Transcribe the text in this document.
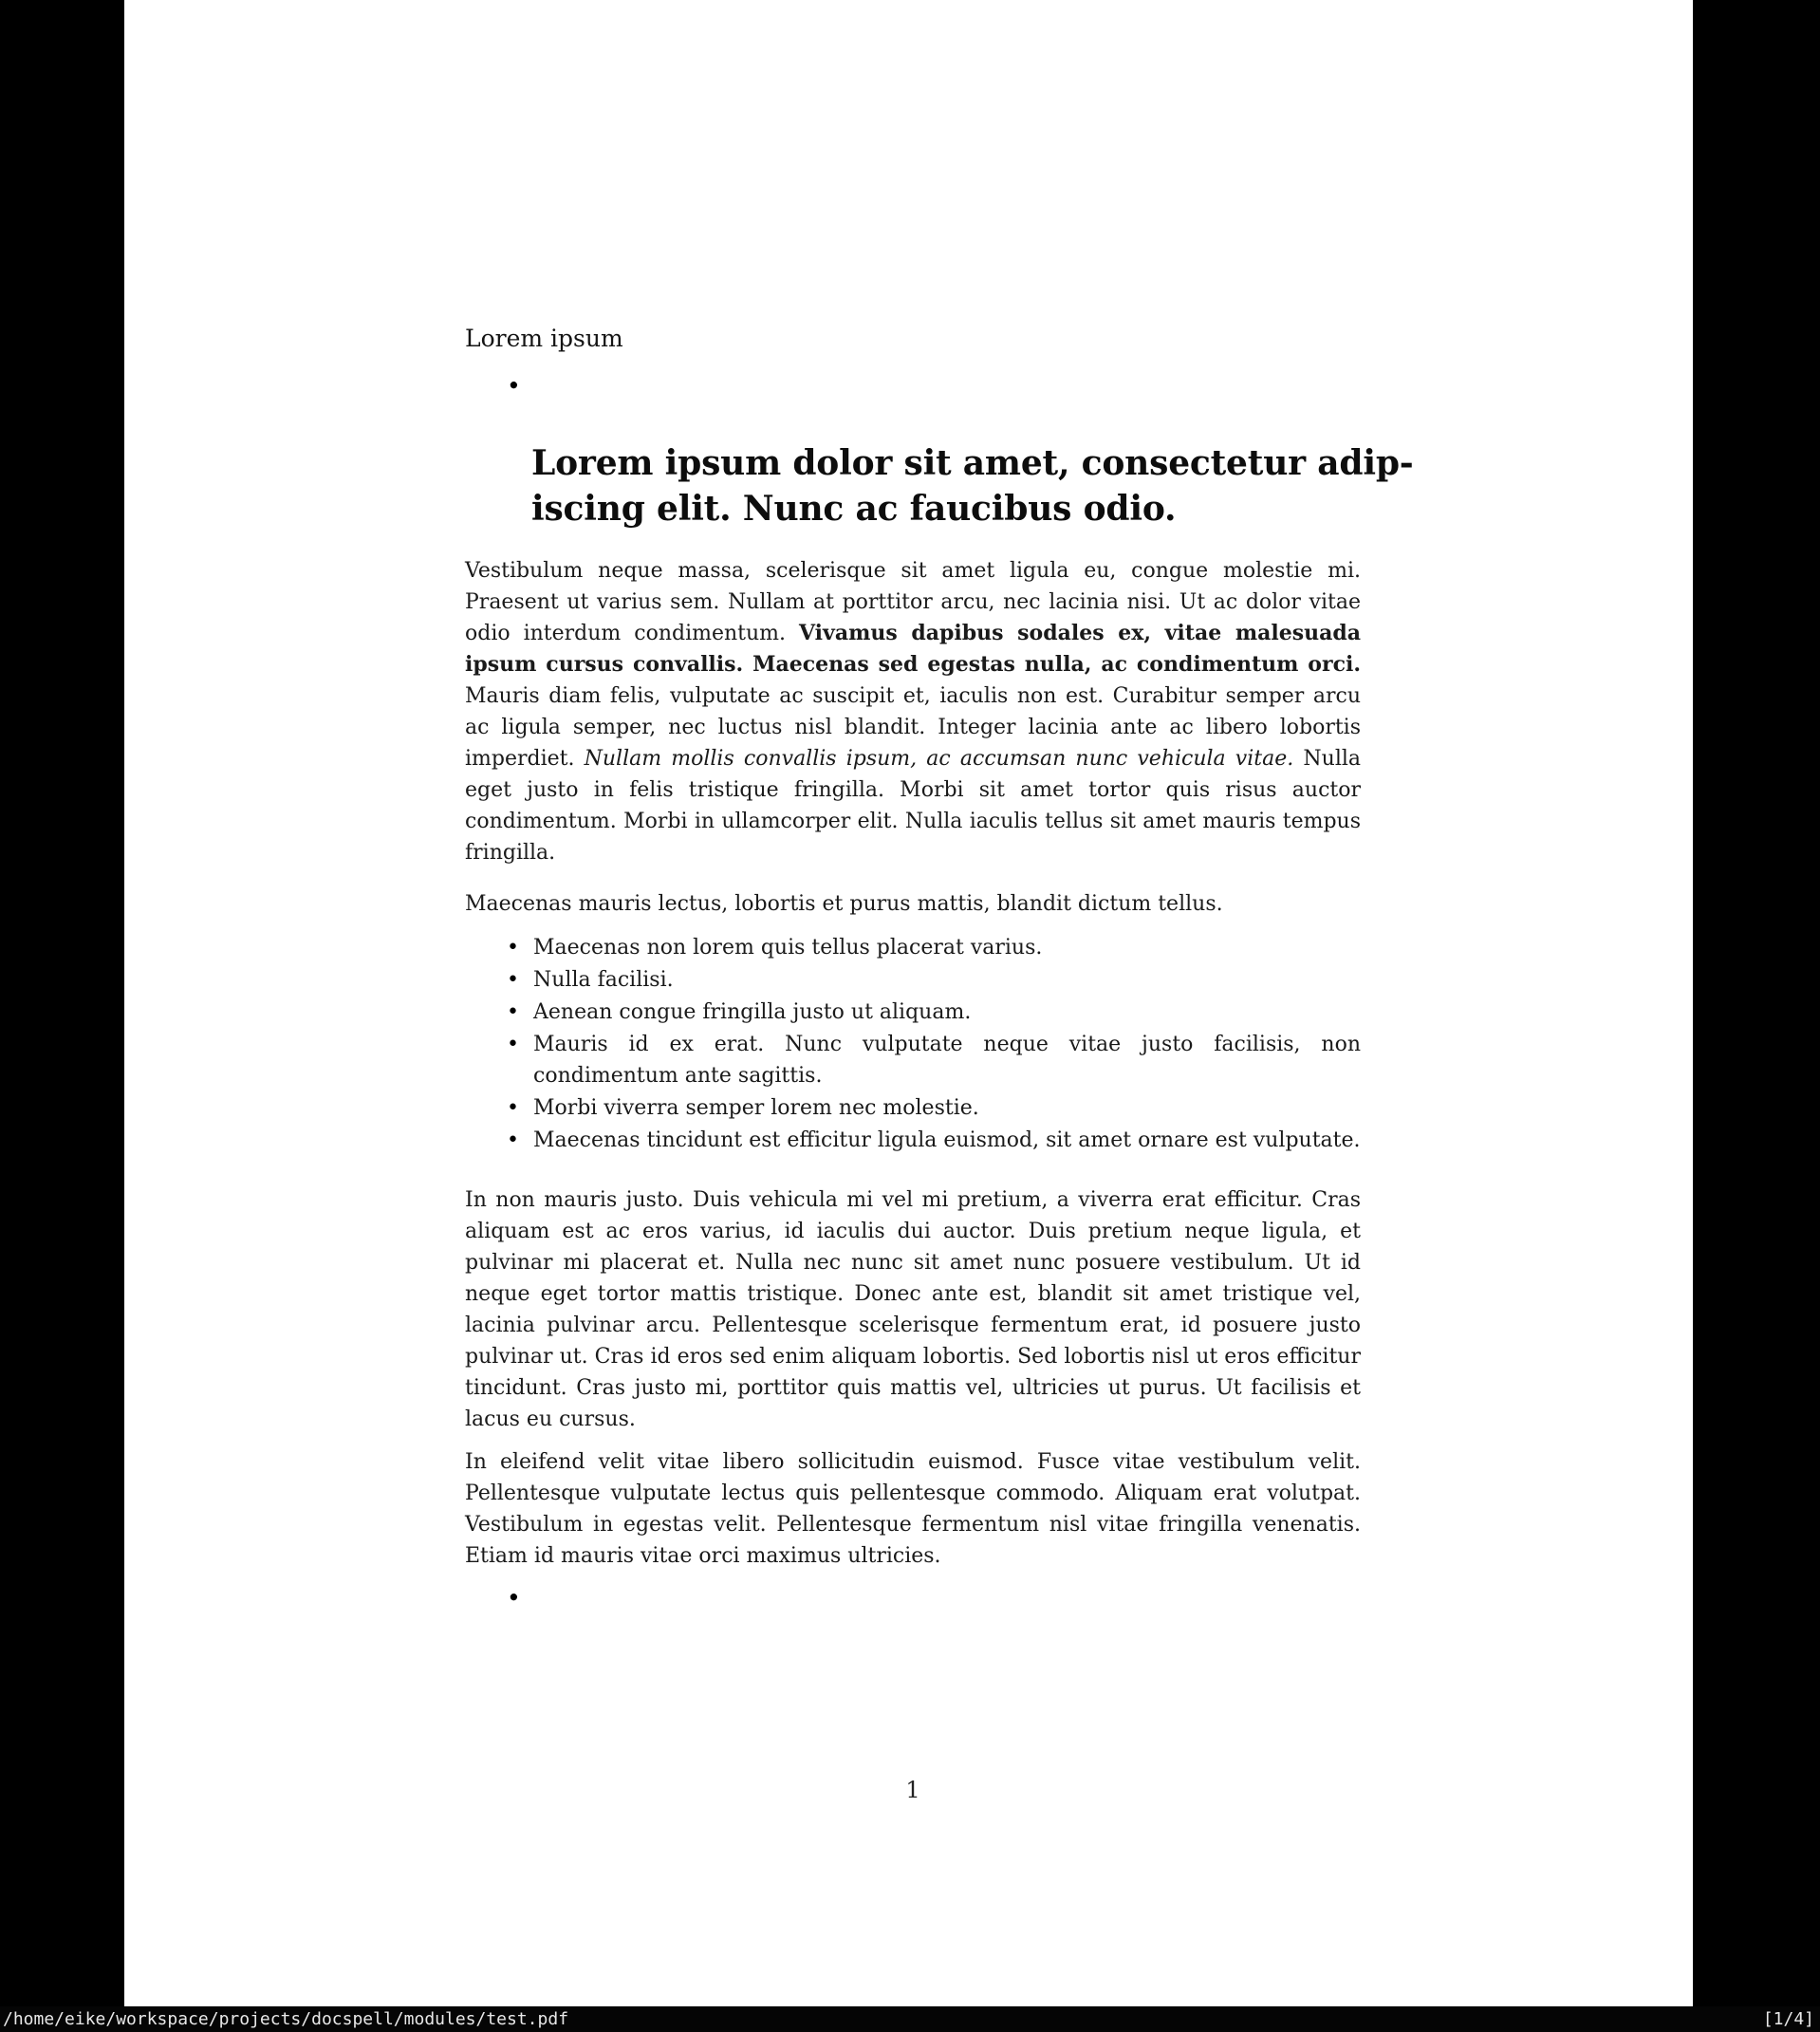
Lorem ipsum
•
Lorem ipsum dolor sit amet, consectetur adip-
iscing elit. Nunc ac faucibus odio.
Vestibulum neque massa, scelerisque sit amet ligula eu, congue molestie mi. Praesent ut varius sem. Nullam at porttitor arcu, nec lacinia nisi. Ut ac dolor vitae odio interdum condimentum. Vivamus dapibus sodales ex, vitae malesuada ipsum cursus convallis. Maecenas sed egestas nulla, ac condimentum orci. Mauris diam felis, vulputate ac suscipit et, iaculis non est. Curabitur semper arcu ac ligula semper, nec luctus nisl blandit. Integer lacinia ante ac libero lobortis imperdiet. Nullam mollis convallis ipsum, ac accumsan nunc vehicula vitae. Nulla eget justo in felis tristique fringilla. Morbi sit amet tortor quis risus auctor condimentum. Morbi in ullamcorper elit. Nulla iaculis tellus sit amet mauris tempus fringilla.
Maecenas mauris lectus, lobortis et purus mattis, blandit dictum tellus.
• Maecenas non lorem quis tellus placerat varius.
• Nulla facilisi.
• Aenean congue fringilla justo ut aliquam.
• Mauris id ex erat. Nunc vulputate neque vitae justo facilisis, non condimentum ante sagittis.
• Morbi viverra semper lorem nec molestie.
• Maecenas tincidunt est efficitur ligula euismod, sit amet ornare est vulputate.
In non mauris justo. Duis vehicula mi vel mi pretium, a viverra erat efficitur. Cras aliquam est ac eros varius, id iaculis dui auctor. Duis pretium neque ligula, et pulvinar mi placerat et. Nulla nec nunc sit amet nunc posuere vestibulum. Ut id neque eget tortor mattis tristique. Donec ante est, blandit sit amet tristique vel, lacinia pulvinar arcu. Pellentesque scelerisque fermentum erat, id posuere justo pulvinar ut. Cras id eros sed enim aliquam lobortis. Sed lobortis nisl ut eros efficitur tincidunt. Cras justo mi, porttitor quis mattis vel, ultricies ut purus. Ut facilisis et lacus eu cursus.
In eleifend velit vitae libero sollicitudin euismod. Fusce vitae vestibulum velit. Pellentesque vulputate lectus quis pellentesque commodo. Aliquam erat volutpat. Vestibulum in egestas velit. Pellentesque fermentum nisl vitae fringilla venenatis. Etiam id mauris vitae orci maximus ultricies.
•
1
/home/eike/workspace/projects/docspell/modules/test.pdf	[1/4]
